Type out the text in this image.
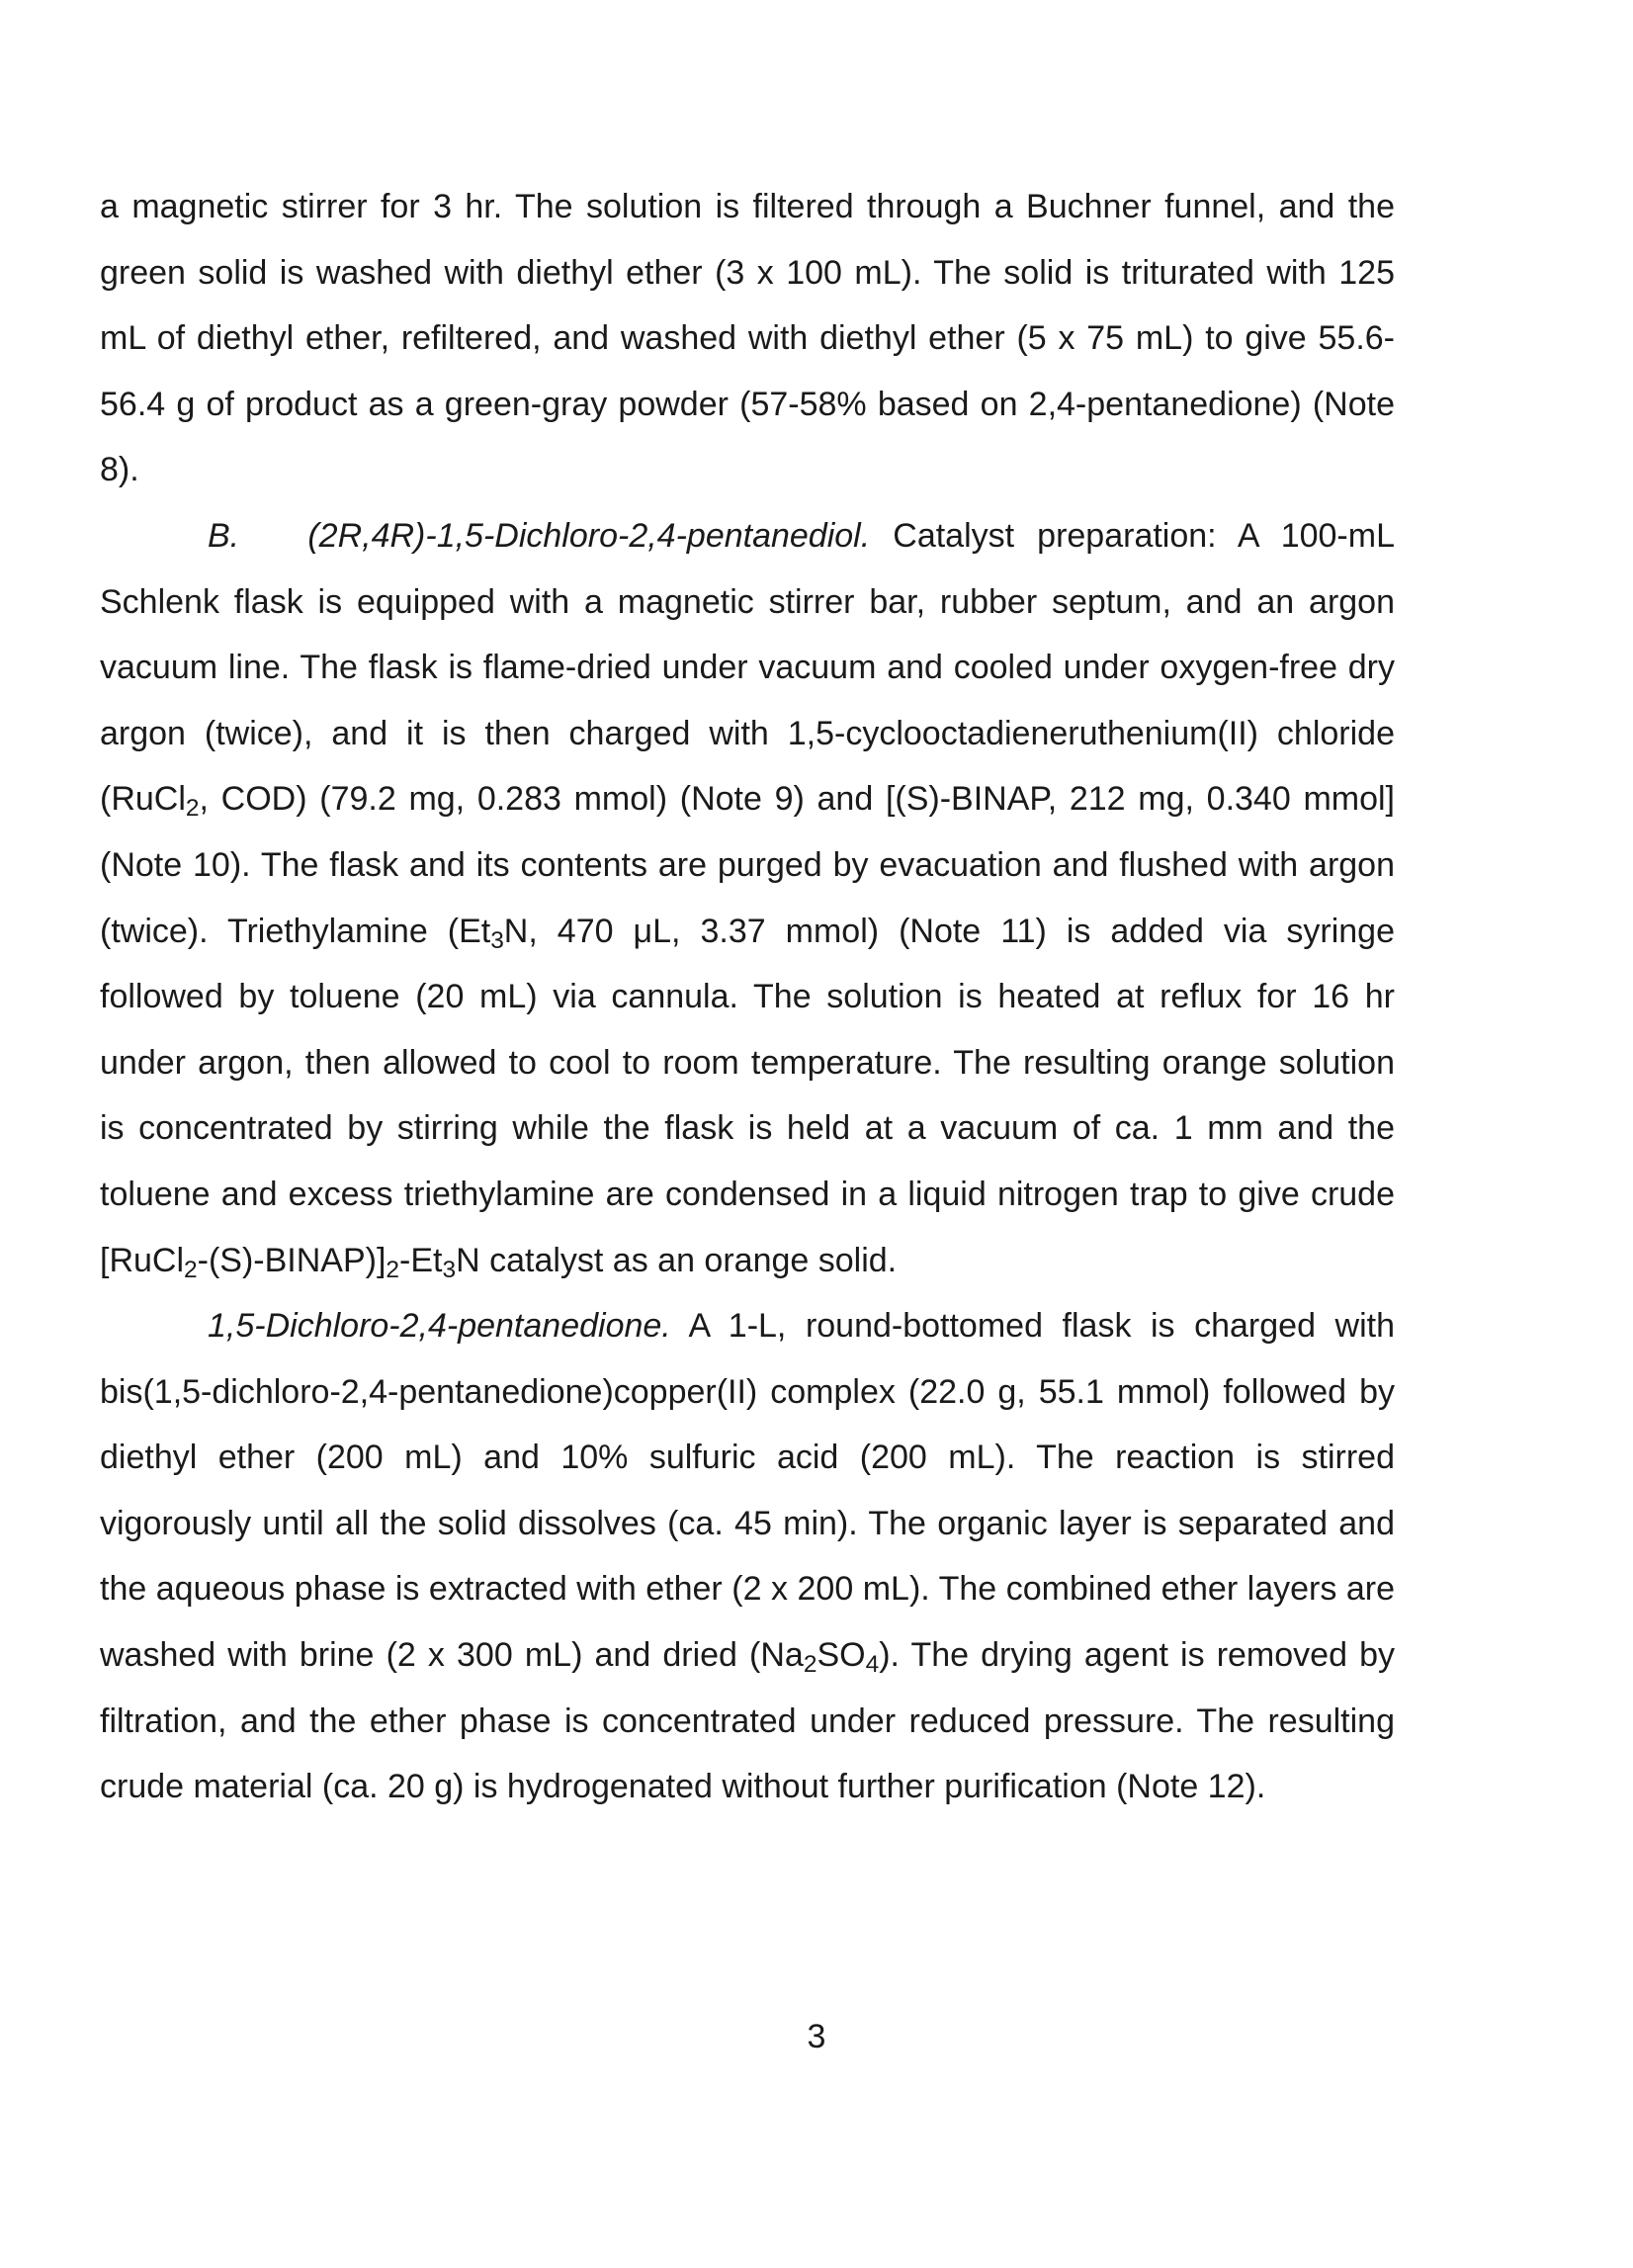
a magnetic stirrer for 3 hr. The solution is filtered through a Buchner funnel, and the green solid is washed with diethyl ether (3 x 100 mL). The solid is triturated with 125 mL of diethyl ether, refiltered, and washed with diethyl ether (5 x 75 mL) to give 55.6-56.4 g of product as a green-gray powder (57-58% based on 2,4-pentanedione) (Note 8).

B. (2R,4R)-1,5-Dichloro-2,4-pentanediol. Catalyst preparation: A 100-mL Schlenk flask is equipped with a magnetic stirrer bar, rubber septum, and an argon vacuum line. The flask is flame-dried under vacuum and cooled under oxygen-free dry argon (twice), and it is then charged with 1,5-cyclooctadieneruthenium(II) chloride (RuCl$_2$, COD) (79.2 mg, 0.283 mmol) (Note 9) and [(S)-BINAP, 212 mg, 0.340 mmol] (Note 10). The flask and its contents are purged by evacuation and flushed with argon (twice). Triethylamine ($Et_3N$, 470 μL, 3.37 mmol) (Note 11) is added via syringe followed by toluene (20 mL) via cannula. The solution is heated at reflux for 16 hr under argon, then allowed to cool to room temperature. The resulting orange solution is concentrated by stirring while the flask is held at a vacuum of ca. 1 mm and the toluene and excess triethylamine are condensed in a liquid nitrogen trap to give crude $[RuCl_2-(S)-BINAP)]_2-Et_3N$ catalyst as an orange solid.

1,5-Dichloro-2,4-pentanedione. A 1-L, round-bottomed flask is charged with bis(1,5-dichloro-2,4-pentanedione)copper(II) complex (22.0 g, 55.1 mmol) followed by diethyl ether (200 mL) and 10% sulfuric acid (200 mL). The reaction is stirred vigorously until all the solid dissolves (ca. 45 min). The organic layer is separated and the aqueous phase is extracted with ether (2 x 200 mL). The combined ether layers are washed with brine (2 x 300 mL) and dried $(Na_2SO_4)$. The drying agent is removed by filtration, and the ether phase is concentrated under reduced pressure. The resulting crude material (ca. 20 g) is hydrogenated without further purification (Note 12).

3
